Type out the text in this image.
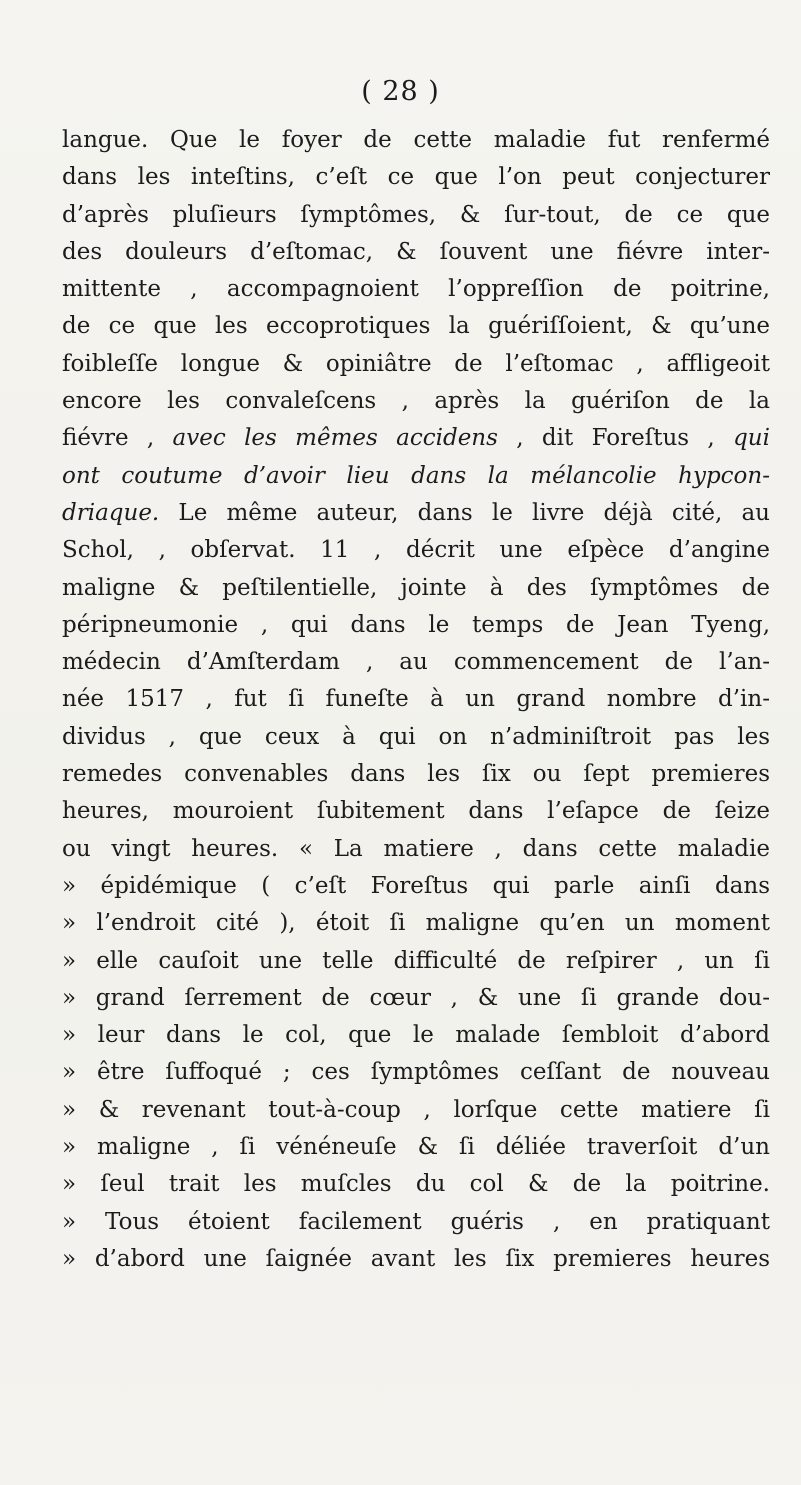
( 28 )
langue. Que le foyer de cette maladie fut renfermé
dans les inteſtins, c’eſt ce que l’on peut conjecturer
d’après pluſieurs ſymptômes, & ſur-tout, de ce que
des douleurs d’eſtomac, & ſouvent une fiévre inter-
mittente , accompagnoient l’oppreſſion de poitrine,
de ce que les eccoprotiques la guériſſoient, & qu’une
foibleſſe longue & opiniâtre de l’eſtomac , affligeoit
encore les convaleſcens , après la guériſon de la
fiévre , avec les mêmes accidens , dit Foreſtus , qui
ont coutume d’avoir lieu dans la mélancolie hypcon-
driaque. Le même auteur, dans le livre déjà cité, au
Schol, , obſervat. 11 , décrit une eſpèce d’angine
maligne & peſtilentielle, jointe à des ſymptômes de
péripneumonie , qui dans le temps de Jean Tyeng,
médecin d’Amſterdam , au commencement de l’an-
née 1517 , fut ſi funeſte à un grand nombre d’in-
dividus , que ceux à qui on n’adminiſtroit pas les
remedes convenables dans les ſix ou ſept premieres
heures, mouroient ſubitement dans l’eſapce de ſeize
ou vingt heures. « La matiere , dans cette maladie
» épidémique ( c’eſt Foreſtus qui parle ainſi dans
» l’endroit cité ), étoit ſi maligne qu’en un moment
» elle cauſoit une telle difficulté de reſpirer , un ſi
» grand ſerrement de cœur , & une ſi grande dou-
» leur dans le col, que le malade ſembloit d’abord
» être ſuffoqué ; ces ſymptômes ceſſant de nouveau
» & revenant tout-à-coup , lorſque cette matiere ſi
» maligne , ſi vénéneuſe & ſi déliée traverſoit d’un
» ſeul trait les muſcles du col & de la poitrine.
» Tous étoient facilement guéris , en pratiquant
» d’abord une ſaignée avant les ſix premieres heures
